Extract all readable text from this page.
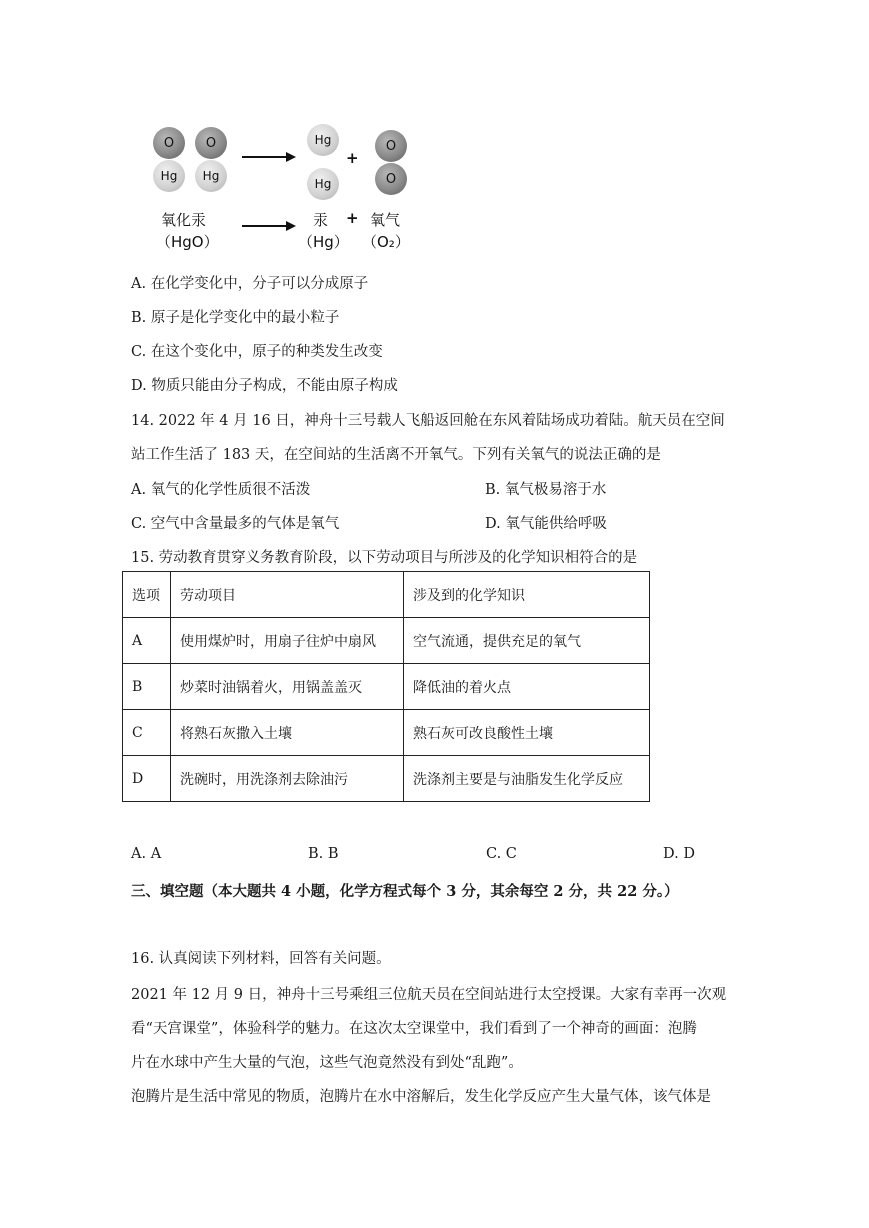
O	O
Hg	Hg
Hg
Hg
+
O
O
氧化汞
（HgO）
→ 汞
（Hg）
+ 氧气
（O₂）
A. 在化学变化中，分子可以分成原子
B. 原子是化学变化中的最小粒子
C. 在这个变化中，原子的种类发生改变
D. 物质只能由分子构成，不能由原子构成
14. 2022 年 4 月 16 日，神舟十三号载人飞船返回舱在东风着陆场成功着陆。航天员在空间
站工作生活了 183 天，在空间站的生活离不开氧气。下列有关氧气的说法正确的是
A. 氧气的化学性质很不活泼	B. 氧气极易溶于水
C. 空气中含量最多的气体是氧气	D. 氧气能供给呼吸
15. 劳动教育贯穿义务教育阶段，以下劳动项目与所涉及的化学知识相符合的是
选项	劳动项目	涉及到的化学知识
A	使用煤炉时，用扇子往炉中扇风	空气流通，提供充足的氧气
B	炒菜时油锅着火，用锅盖盖灭	降低油的着火点
C	将熟石灰撒入土壤	熟石灰可改良酸性土壤
D	洗碗时，用洗涤剂去除油污	洗涤剂主要是与油脂发生化学反应
A. A	B. B	C. C	D. D
三、填空题（本大题共 4 小题，化学方程式每个 3 分，其余每空 2 分，共 22 分。）
16. 认真阅读下列材料，回答有关问题。
2021 年 12 月 9 日，神舟十三号乘组三位航天员在空间站进行太空授课。大家有幸再一次观
看“天宫课堂”，体验科学的魅力。在这次太空课堂中，我们看到了一个神奇的画面：泡腾
片在水球中产生大量的气泡，这些气泡竟然没有到处“乱跑”。
泡腾片是生活中常见的物质，泡腾片在水中溶解后，发生化学反应产生大量气体，该气体是
